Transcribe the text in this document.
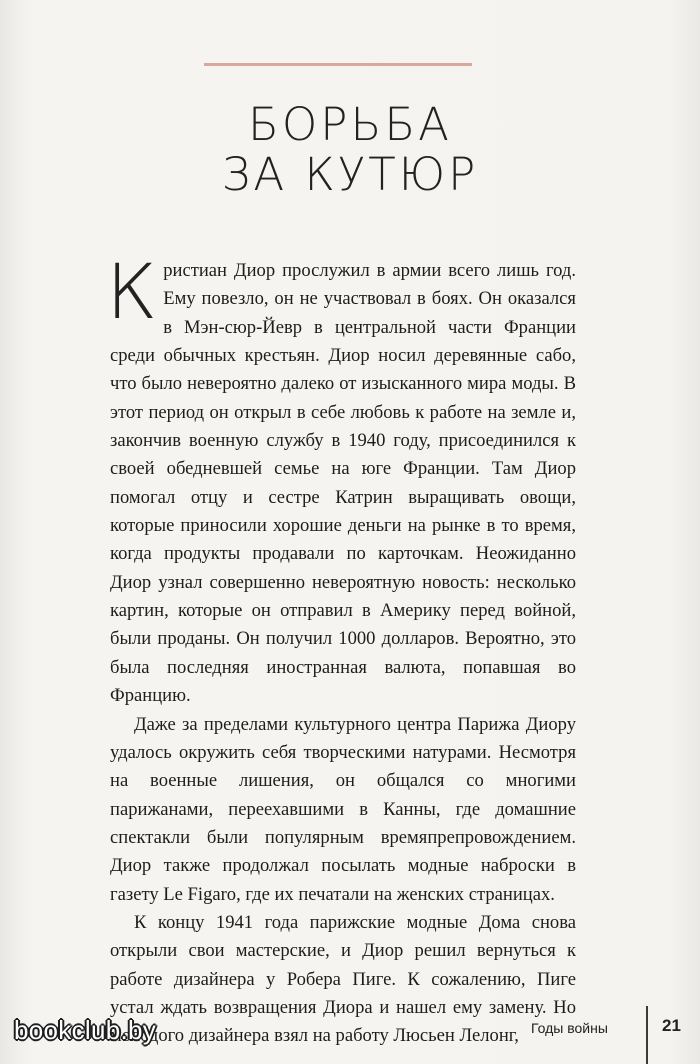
БОРЬБА
ЗА КУТЮР

Кристиан Диор прослужил в армии всего лишь год. Ему повезло, он не участвовал в боях. Он оказался в Мэн-сюр-Йевр в центральной части Франции среди обычных крестьян. Диор носил деревянные сабо, что было невероятно далеко от изысканного мира моды. В этот период он открыл в себе любовь к работе на земле и, закончив военную службу в 1940 году, присоединился к своей обедневшей семье на юге Франции. Там Диор помогал отцу и сестре Катрин выращивать овощи, которые приносили хорошие деньги на рынке в то время, когда продукты продавали по карточкам. Неожиданно Диор узнал совершенно невероятную новость: несколько картин, которые он отправил в Америку перед войной, были проданы. Он получил 1000 долларов. Вероятно, это была последняя иностранная валюта, попавшая во Францию.

Даже за пределами культурного центра Парижа Диору удалось окружить себя творческими натурами. Несмотря на военные лишения, он общался со многими парижанами, переехавшими в Канны, где домашние спектакли были популярным времяпрепровождением. Диор также продолжал посылать модные наброски в газету Le Figaro, где их печатали на женских страницах.

К концу 1941 года парижские модные Дома снова открыли свои мастерские, и Диор решил вернуться к работе дизайнера у Робера Пиге. К сожалению, Пиге устал ждать возвращения Диора и нашел ему замену. Но молодого дизайнера взял на работу Люсьен Лелонг, Годы войны	21
bookclub.by
